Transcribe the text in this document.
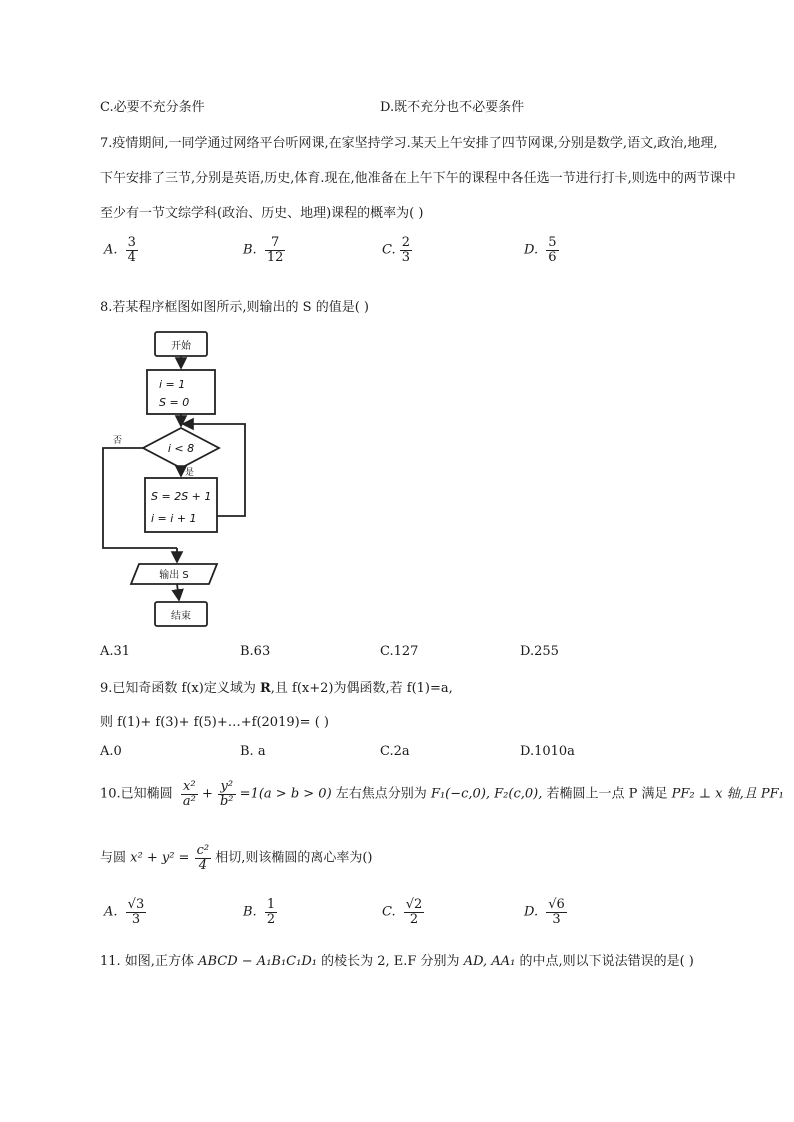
C.必要不充分条件	D.既不充分也不必要条件
7.疫情期间,一同学通过网络平台听网课,在家坚持学习.某天上午安排了四节网课,分别是数学,语文,政治,地理,
下午安排了三节,分别是英语,历史,体育.现在,他准备在上午下午的课程中各任选一节进行打卡,则选中的两节课中
至少有一节文综学科(政治、历史、地理)课程的概率为( )
A. $\frac{3}{4}$	B. $\frac{7}{12}$	C. $\frac{2}{3}$	D. $\frac{5}{6}$
8.若某程序框图如图所示,则输出的 S 的值是( )
开始
i = 1
S = 0
i < 8
否
是
S = 2S + 1
i = i + 1
输出 S
结束
A.31	B.63	C.127	D.255
9.已知奇函数 f(x)定义域为 R,且 f(x+2)为偶函数,若 f(1)=a,
则 f(1)+ f(3)+ f(5)+…+f(2019)= ( )
A.0	B. a	C.2a	D.1010a
10.已知椭圆 $\frac{\text{x²}}{\text{a²}} + \frac{\text{y²}}{\text{b²}} =1(a > b > 0)$ 左右焦点分别为 F₁(−c,0), F₂(c,0), 若椭圆上一点 P 满足 PF₂ ⊥ x 轴,且 PF₁
与圆 $x^2 + y^2 = \frac{\text{c²}}{4}$ 相切,则该椭圆的离心率为()
A. $\frac{√3}{3}$	B. $\frac{1}{2}$	C. $\frac{√2}{2}$	D. $\frac{√6}{3}$
11. 如图,正方体 ABCD − A₁B₁C₁D₁ 的棱长为 2, E.F 分别为 AD, AA₁ 的中点,则以下说法错误的是( )
